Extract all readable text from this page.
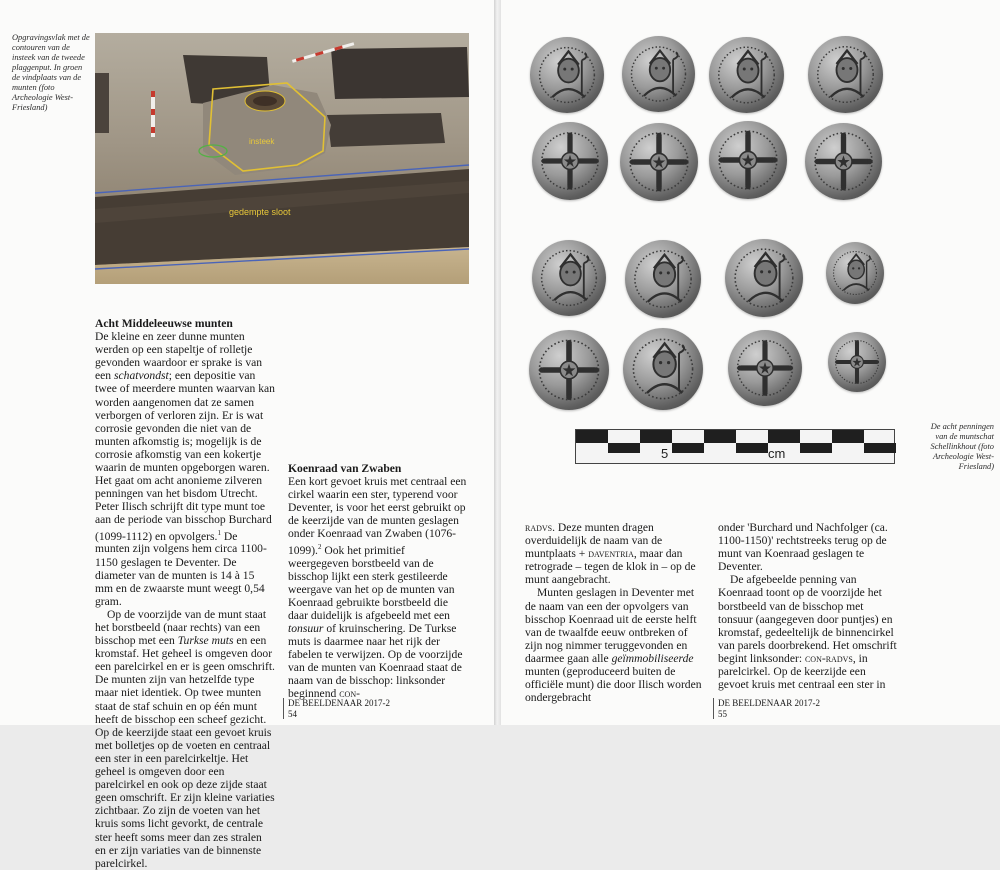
Opgravingsvlak met de contouren van de insteek van de tweede plaggenput. In groen de vindplaats van de munten (foto Archeologie West-Friesland)
insteek
gedempte sloot
Acht Middeleeuwse munten

De kleine en zeer dunne munten werden op een stapeltje of rolletje gevonden waardoor er sprake is van een schatvondst; een depositie van twee of meerdere munten waarvan kan worden aangenomen dat ze samen verborgen of verloren zijn. Er is wat corrosie gevonden die niet van de munten afkomstig is; mogelijk is de corrosie afkomstig van een kokertje waarin de munten opgeborgen waren. Het gaat om acht anonieme zilveren penningen van het bisdom Utrecht. Peter Ilisch schrijft dit type munt toe aan de periode van bisschop Burchard (1099-1112) en opvolgers.$^1$ De munten zijn volgens hem circa 1100-1150 geslagen te Deventer. De diameter van de munten is 14 à 15 mm en de zwaarste munt weegt 0,54 gram.

Op de voorzijde van de munt staat het borstbeeld (naar rechts) van een bisschop met een Turkse muts en een kromstaf. Het geheel is omgeven door een parelcirkel en er is geen omschrift. De munten zijn van hetzelfde type maar niet identiek. Op twee munten staat de staf schuin en op één munt heeft de bisschop een scheef gezicht. Op de keerzijde staat een gevoet kruis met bolletjes op de voeten en centraal een ster in een parelcirkeltje. Het geheel is omgeven door een parelcirkel en ook op deze zijde staat geen omschrift. Er zijn kleine variaties zichtbaar. Zo zijn de voeten van het kruis soms licht gevorkt, de centrale ster heeft soms meer dan zes stralen en er zijn variaties van de binnenste parelcirkel.

Koenraad van Zwaben

Een kort gevoet kruis met centraal een cirkel waarin een ster, typerend voor Deventer, is voor het eerst gebruikt op de keerzijde van de munten geslagen onder Koenraad van Zwaben (1076-1099).$^2$ Ook het primitief weergegeven borstbeeld van de bisschop lijkt een sterk gestileerde weergave van het op de munten van Koenraad gebruikte borstbeeld die daar duidelijk is afgebeeld met een tonsuur of kruinschering. De Turkse muts is daarmee naar het rijk der fabelen te verwijzen. Op de voorzijde van de munten van Koenraad staat de naam van de bisschop: linksonder beginnend con-

DE BEELDENAAR 2017-2
54
5	cm
De acht penningen van de muntschat Schellinkhout (foto Archeologie West-Friesland)

radvs. Deze munten dragen overduidelijk de naam van de muntplaats + daventria, maar dan retrograde – tegen de klok in – op de munt aangebracht.

Munten geslagen in Deventer met de naam van een der opvolgers van bisschop Koenraad uit de eerste helft van de twaalfde eeuw ontbreken of zijn nog nimmer teruggevonden en daarmee gaan alle geïmmobiliseerde munten (geproduceerd buiten de officiële munt) die door Ilisch worden ondergebracht

onder 'Burchard und Nachfolger (ca. 1100-1150)' rechtstreeks terug op de munt van Koenraad geslagen te Deventer.

De afgebeelde penning van Koenraad toont op de voorzijde het borstbeeld van de bisschop met tonsuur (aangegeven door puntjes) en kromstaf, gedeeltelijk de binnencirkel van parels doorbrekend. Het omschrift begint linksonder: con-radvs, in parelcirkel. Op de keerzijde een gevoet kruis met centraal een ster in

DE BEELDENAAR 2017-2
55
